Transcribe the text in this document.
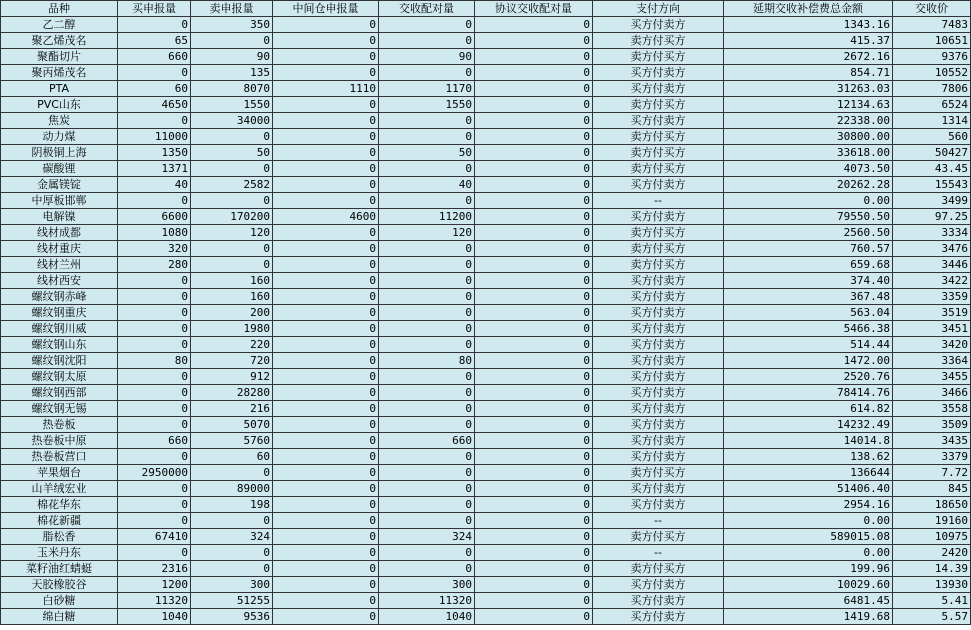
品种	买申报量	卖申报量	中间仓申报量	交收配对量	协议交收配对量	支付方向	延期交收补偿费总金额	交收价
乙二醇	0	350	0	0	0	买方付卖方	1343.16	7483
聚乙烯茂名	65	0	0	0	0	卖方付买方	415.37	10651
聚酯切片	660	90	0	90	0	卖方付买方	2672.16	9376
聚丙烯茂名	0	135	0	0	0	买方付卖方	854.71	10552
PTA	60	8070	1110	1170	0	买方付卖方	31263.03	7806
PVC山东	4650	1550	0	1550	0	卖方付买方	12134.63	6524
焦炭	0	34000	0	0	0	买方付卖方	22338.00	1314
动力煤	11000	0	0	0	0	卖方付买方	30800.00	560
阴极铜上海	1350	50	0	50	0	卖方付买方	33618.00	50427
碳酸锂	1371	0	0	0	0	卖方付买方	4073.50	43.45
金属镁锭	40	2582	0	40	0	买方付卖方	20262.28	15543
中厚板邯郸	0	0	0	0	0	--	0.00	3499
电解镍	6600	170200	4600	11200	0	买方付卖方	79550.50	97.25
线材成都	1080	120	0	120	0	卖方付买方	2560.50	3334
线材重庆	320	0	0	0	0	卖方付买方	760.57	3476
线材兰州	280	0	0	0	0	卖方付买方	659.68	3446
线材西安	0	160	0	0	0	买方付卖方	374.40	3422
螺纹钢赤峰	0	160	0	0	0	买方付卖方	367.48	3359
螺纹钢重庆	0	200	0	0	0	买方付卖方	563.04	3519
螺纹钢川威	0	1980	0	0	0	买方付卖方	5466.38	3451
螺纹钢山东	0	220	0	0	0	买方付卖方	514.44	3420
螺纹钢沈阳	80	720	0	80	0	买方付卖方	1472.00	3364
螺纹钢太原	0	912	0	0	0	买方付卖方	2520.76	3455
螺纹钢西部	0	28280	0	0	0	买方付卖方	78414.76	3466
螺纹钢无锡	0	216	0	0	0	买方付卖方	614.82	3558
热卷板	0	5070	0	0	0	买方付卖方	14232.49	3509
热卷板中原	660	5760	0	660	0	买方付卖方	14014.8	3435
热卷板营口	0	60	0	0	0	买方付卖方	138.62	3379
苹果烟台	2950000	0	0	0	0	卖方付买方	136644	7.72
山羊绒宏业	0	89000	0	0	0	买方付卖方	51406.40	845
棉花华东	0	198	0	0	0	买方付卖方	2954.16	18650
棉花新疆	0	0	0	0	0	--	0.00	19160
脂松香	67410	324	0	324	0	卖方付买方	589015.08	10975
玉米丹东	0	0	0	0	0	--	0.00	2420
菜籽油红蜻蜓	2316	0	0	0	0	卖方付买方	199.96	14.39
天胶橡胶谷	1200	300	0	300	0	买方付卖方	10029.60	13930
白砂糖	11320	51255	0	11320	0	买方付卖方	6481.45	5.41
绵白糖	1040	9536	0	1040	0	买方付卖方	1419.68	5.57
